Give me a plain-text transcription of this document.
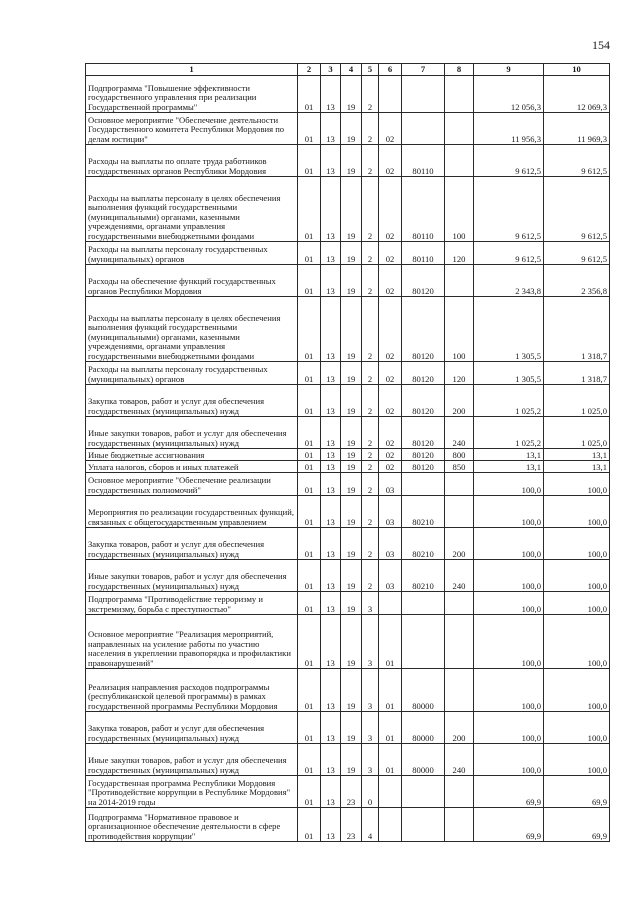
154
1	2	3	4	5	6	7	8	9	10
Подпрограмма "Повышение эффективности государственного управления при реализации Государственной программы"	01	13	19	2				12 056,3	12 069,3
Основное мероприятие "Обеспечение деятельности Государственного комитета Республики Мордовия по делам юстиции"	01	13	19	2	02			11 956,3	11 969,3
Расходы на выплаты по оплате труда работников государственных органов Республики Мордовия	01	13	19	2	02	80110		9 612,5	9 612,5
Расходы на выплаты персоналу в целях обеспечения выполнения функций государственными (муниципальными) органами, казенными учреждениями, органами управления государственными внебюджетными фондами	01	13	19	2	02	80110	100	9 612,5	9 612,5
Расходы на выплаты персоналу государственных (муниципальных) органов	01	13	19	2	02	80110	120	9 612,5	9 612,5
Расходы на обеспечение функций государственных органов Республики Мордовия	01	13	19	2	02	80120		2 343,8	2 356,8
Расходы на выплаты персоналу в целях обеспечения выполнения функций государственными (муниципальными) органами, казенными учреждениями, органами управления государственными внебюджетными фондами	01	13	19	2	02	80120	100	1 305,5	1 318,7
Расходы на выплаты персоналу государственных (муниципальных) органов	01	13	19	2	02	80120	120	1 305,5	1 318,7
Закупка товаров, работ и услуг для обеспечения государственных (муниципальных) нужд	01	13	19	2	02	80120	200	1 025,2	1 025,0
Иные закупки товаров, работ и услуг для обеспечения государственных (муниципальных) нужд	01	13	19	2	02	80120	240	1 025,2	1 025,0
Иные бюджетные ассигнования	01	13	19	2	02	80120	800	13,1	13,1
Уплата налогов, сборов и иных платежей	01	13	19	2	02	80120	850	13,1	13,1
Основное мероприятие "Обеспечение реализации государственных полномочий"	01	13	19	2	03			100,0	100,0
Мероприятия по реализации государственных функций, связанных с общегосударственным управлением	01	13	19	2	03	80210		100,0	100,0
Закупка товаров, работ и услуг для обеспечения государственных (муниципальных) нужд	01	13	19	2	03	80210	200	100,0	100,0
Иные закупки товаров, работ и услуг для обеспечения государственных (муниципальных) нужд	01	13	19	2	03	80210	240	100,0	100,0
Подпрограмма "Противодействие терроризму и экстремизму, борьба с преступностью"	01	13	19	3				100,0	100,0
Основное мероприятие "Реализация мероприятий, направленных на усиление работы по участию населения в укреплении правопорядка и профилактики правонарушений"	01	13	19	3	01			100,0	100,0
Реализация направления расходов подпрограммы (республиканской целевой программы) в рамках государственной программы Республики Мордовия	01	13	19	3	01	80000		100,0	100,0
Закупка товаров, работ и услуг для обеспечения государственных (муниципальных) нужд	01	13	19	3	01	80000	200	100,0	100,0
Иные закупки товаров, работ и услуг для обеспечения государственных (муниципальных) нужд	01	13	19	3	01	80000	240	100,0	100,0
Государственная программа Республики Мордовия "Противодействие коррупции в Республике Мордовия" на 2014-2019 годы	01	13	23	0				69,9	69,9
Подпрограмма "Нормативное правовое и организационное обеспечение деятельности в сфере противодействия коррупции"	01	13	23	4				69,9	69,9
